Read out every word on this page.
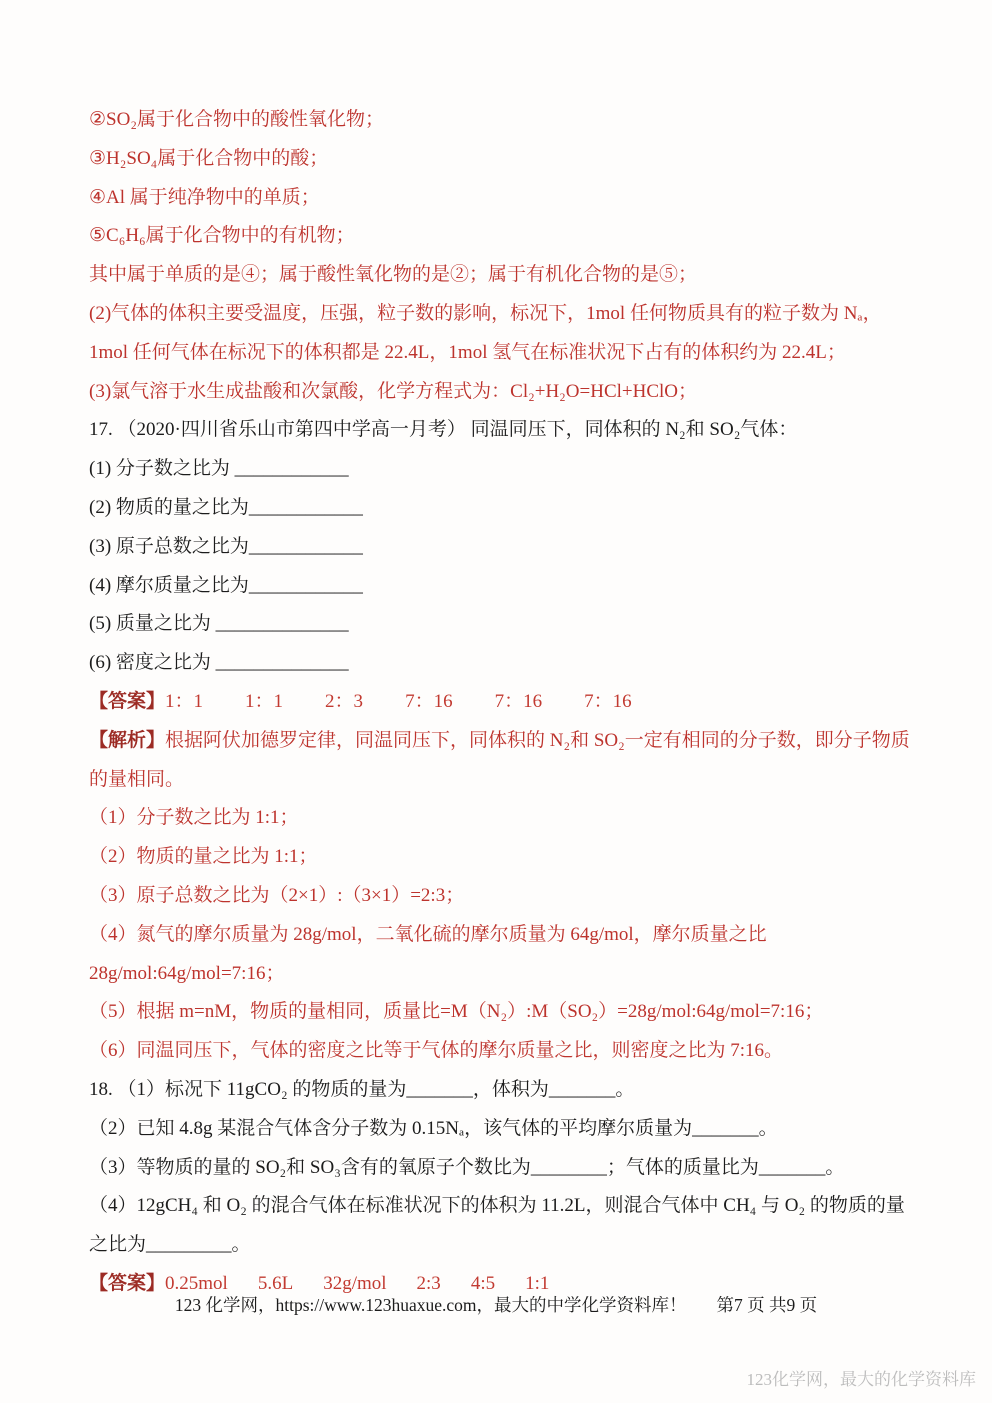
②SO₂属于化合物中的酸性氧化物；

③H₂SO₄属于化合物中的酸；

④Al 属于纯净物中的单质；

⑤C₆H₆属于化合物中的有机物；

其中属于单质的是④；属于酸性氧化物的是②；属于有机化合物的是⑤；

(2)气体的体积主要受温度，压强，粒子数的影响，标况下，1mol 任何物质具有的粒子数为 Nₐ，1mol 任何气体在标况下的体积都是 22.4L，1mol 氢气在标准状况下占有的体积约为 22.4L；

(3)氯气溶于水生成盐酸和次氯酸，化学方程式为：Cl₂+H₂O=HCl+HClO；

17. （2020·四川省乐山市第四中学高一月考） 同温同压下，同体积的 N₂和 SO₂气体：

(1) 分子数之比为 ____________

(2) 物质的量之比为____________

(3) 原子总数之比为____________

(4) 摩尔质量之比为____________

(5) 质量之比为 ______________

(6) 密度之比为 ______________

【答案】1：1 1：1 2：3 7：16 7：16 7：16

【解析】根据阿伏加德罗定律，同温同压下，同体积的 N₂和 SO₂一定有相同的分子数，即分子物质的量相同。

（1）分子数之比为 1:1；

（2）物质的量之比为 1:1；

（3）原子总数之比为（2×1）:（3×1）=2:3；

（4）氮气的摩尔质量为 28g/mol，二氧化硫的摩尔质量为 64g/mol，摩尔质量之比 28g/mol:64g/mol=7:16；

（5）根据 m=nM，物质的量相同，质量比=M（N₂）:M（SO₂）=28g/mol:64g/mol=7:16；

（6）同温同压下，气体的密度之比等于气体的摩尔质量之比，则密度之比为 7:16。

18. （1）标况下 11gCO₂ 的物质的量为_______，体积为_______。

（2）已知 4.8g 某混合气体含分子数为 0.15Nₐ，该气体的平均摩尔质量为_______。

（3）等物质的量的 SO₂和 SO₃含有的氧原子个数比为________；气体的质量比为_______。

（4）12gCH₄ 和 O₂ 的混合气体在标准状况下的体积为 11.2L，则混合气体中 CH₄ 与 O₂ 的物质的量之比为_________。

【答案】0.25mol 5.6L 32g/mol 2:3 4:5 1:1

123 化学网，https://www.123huaxue.com，最大的中学化学资料库！ 第7 页 共9 页
123化学网，最大的化学资料库
